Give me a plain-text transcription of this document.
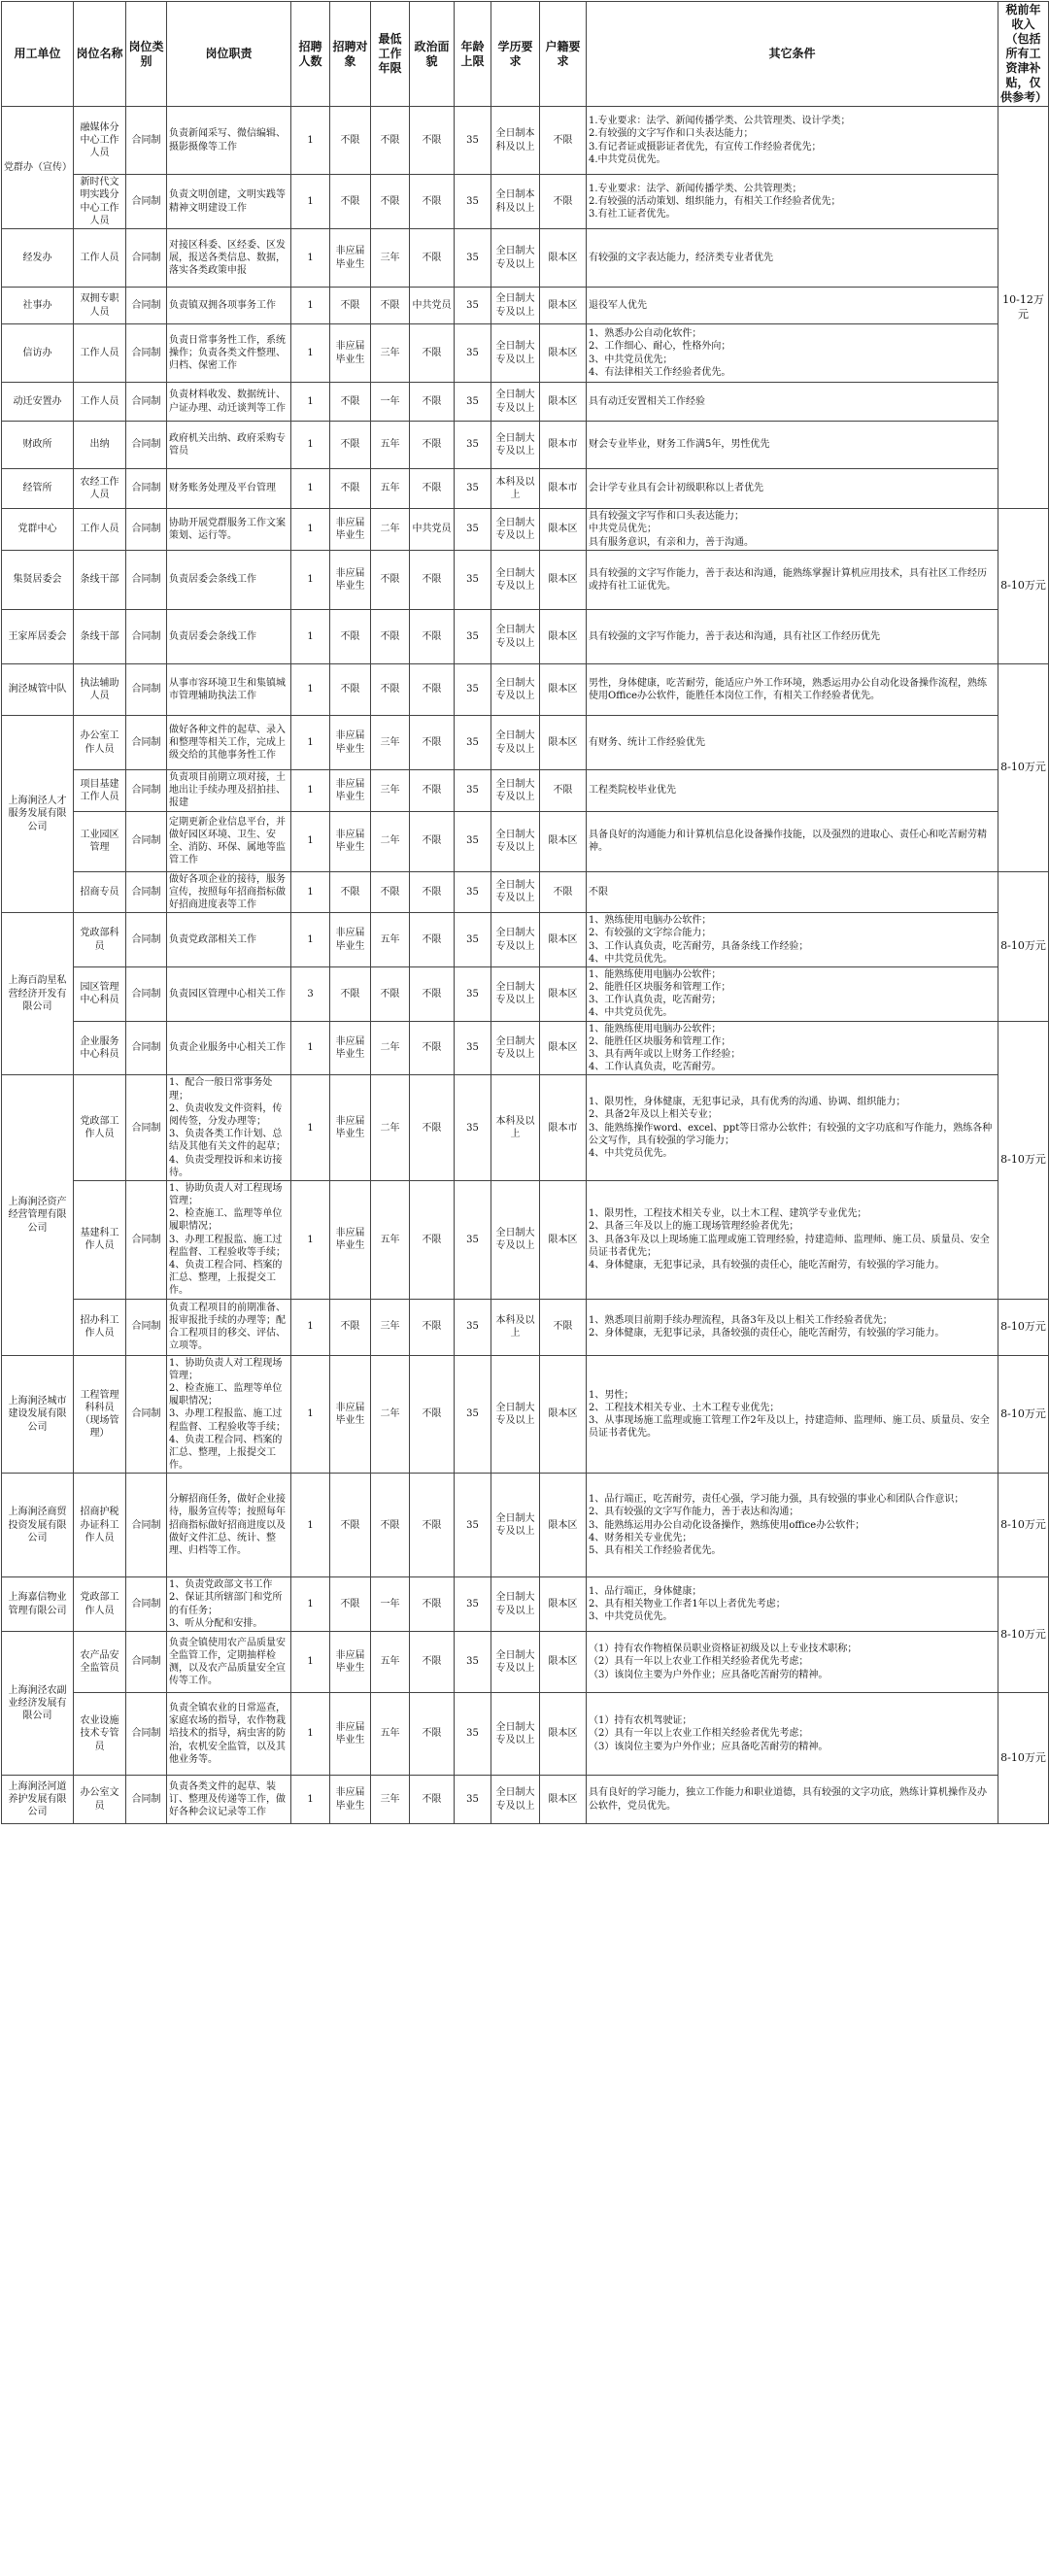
用工单位	岗位名称	岗位类别	岗位职责	招聘人数	招聘对象	最低工作年限	政治面貌	年龄上限	学历要求	户籍要求	其它条件	税前年收入（包括所有工资津补贴，仅供参考）
党群办（宣传）	融媒体分中心工作人员	合同制	负责新闻采写、微信编辑、摄影摄像等工作	1	不限	不限	不限	35	全日制本科及以上	不限	1.专业要求：法学、新闻传播学类、公共管理类、设计学类；
2.有较强的文字写作和口头表达能力；
3.有记者证或摄影证者优先，有宣传工作经验者优先；
4.中共党员优先。	10-12万元
	新时代文明实践分中心工作人员	合同制	负责文明创建，文明实践等精神文明建设工作	1	不限	不限	不限	35	全日制本科及以上	不限	1.专业要求：法学、新闻传播学类、公共管理类；
2.有较强的活动策划、组织能力，有相关工作经验者优先；
3.有社工证者优先。	
经发办	工作人员	合同制	对接区科委、区经委、区发展，报送各类信息、数据，落实各类政策申报	1	非应届毕业生	三年	不限	35	全日制大专及以上	限本区	有较强的文字表达能力，经济类专业者优先	
社事办	双拥专职人员	合同制	负责镇双拥各项事务工作	1	不限	不限	中共党员	35	全日制大专及以上	限本区	退役军人优先	
信访办	工作人员	合同制	负责日常事务性工作，系统操作；负责各类文件整理、归档、保密工作	1	非应届毕业生	三年	不限	35	全日制大专及以上	限本区	1、熟悉办公自动化软件；
2、工作细心、耐心，性格外向；
3、中共党员优先；
4、有法律相关工作经验者优先。	
动迁安置办	工作人员	合同制	负责材料收发、数据统计、户证办理、动迁谈判等工作	1	不限	一年	不限	35	全日制大专及以上	限本区	具有动迁安置相关工作经验	
财政所	出纳	合同制	政府机关出纳、政府采购专管员	1	不限	五年	不限	35	全日制大专及以上	限本市	财会专业毕业，财务工作满5年，男性优先	
经管所	农经工作人员	合同制	财务账务处理及平台管理	1	不限	五年	不限	35	本科及以上	限本市	会计学专业具有会计初级职称以上者优先	
党群中心	工作人员	合同制	协助开展党群服务工作文案策划、运行等。	1	非应届毕业生	二年	中共党员	35	全日制大专及以上	限本区	具有较强文字写作和口头表达能力；
中共党员优先；
具有服务意识，有亲和力，善于沟通。	8-10万元
集贤居委会	条线干部	合同制	负责居委会条线工作	1	非应届毕业生	不限	不限	35	全日制大专及以上	限本区	具有较强的文字写作能力，善于表达和沟通，能熟练掌握计算机应用技术，具有社区工作经历或持有社工证优先。	
王家厍居委会	条线干部	合同制	负责居委会条线工作	1	不限	不限	不限	35	全日制大专及以上	限本区	具有较强的文字写作能力，善于表达和沟通，具有社区工作经历优先	
涧泾城管中队	执法辅助人员	合同制	从事市容环境卫生和集镇城市管理辅助执法工作	1	不限	不限	不限	35	全日制大专及以上	限本区	男性，身体健康，吃苦耐劳，能适应户外工作环境，熟悉运用办公自动化设备操作流程，熟练使用Office办公软件，能胜任本岗位工作，有相关工作经验者优先。	8-10万元
上海涧泾人才服务发展有限公司	办公室工作人员	合同制	做好各种文件的起草、录入和整理等相关工作，完成上级交给的其他事务性工作	1	非应届毕业生	三年	不限	35	全日制大专及以上	限本区	有财务、统计工作经验优先	
	项目基建工作人员	合同制	负责项目前期立项对接，土地出让手续办理及招拍挂、报建	1	非应届毕业生	三年	不限	35	全日制大专及以上	不限	工程类院校毕业优先	
	工业园区管理	合同制	定期更新企业信息平台，并做好园区环境、卫生、安全、消防、环保、属地等监管工作	1	非应届毕业生	二年	不限	35	全日制大专及以上	限本区	具备良好的沟通能力和计算机信息化设备操作技能，以及强烈的进取心、责任心和吃苦耐劳精神。	
	招商专员	合同制	做好各项企业的接待，服务宣传，按照每年招商指标做好招商进度表等工作	1	不限	不限	不限	35	全日制大专及以上	不限	不限	8-10万元
上海百韵星私营经济开发有限公司	党政部科员	合同制	负责党政部相关工作	1	非应届毕业生	五年	不限	35	全日制大专及以上	限本区	1、熟练使用电脑办公软件；
2、有较强的文字综合能力；
3、工作认真负责，吃苦耐劳，具备条线工作经验；
4、中共党员优先。	
	园区管理中心科员	合同制	负责园区管理中心相关工作	3	不限	不限	不限	35	全日制大专及以上	限本区	1、能熟练使用电脑办公软件；
2、能胜任区块服务和管理工作；
3、工作认真负责，吃苦耐劳；
4、中共党员优先。	
	企业服务中心科员	合同制	负责企业服务中心相关工作	1	非应届毕业生	二年	不限	35	全日制大专及以上	限本区	1、能熟练使用电脑办公软件；
2、能胜任区块服务和管理工作；
3、具有两年或以上财务工作经验；
4、工作认真负责，吃苦耐劳。	8-10万元
上海涧泾资产经营管理有限公司	党政部工作人员	合同制	1、配合一般日常事务处理；
2、负责收发文件资料，传阅传签，分发办理等；
3、负责各类工作计划、总结及其他有关文件的起草；
4、负责受理投诉和来访接待。	1	非应届毕业生	二年	不限	35	本科及以上	限本市	1、限男性，身体健康，无犯事记录，具有优秀的沟通、协调、组织能力；
2、具备2年及以上相关专业；
3、能熟练操作word、excel、ppt等日常办公软件；有较强的文字功底和写作能力，熟练各种公文写作，具有较强的学习能力；
4、中共党员优先。	
	基建科工作人员	合同制	1、协助负责人对工程现场管理；
2、检查施工、监理等单位履职情况；
3、办理工程报监、施工过程监督、工程验收等手续；
4、负责工程合同、档案的汇总、整理，上报提交工作。	1	非应届毕业生	五年	不限	35	全日制大专及以上	限本区	1、限男性，工程技术相关专业，以土木工程、建筑学专业优先；
2、具备三年及以上的施工现场管理经验者优先；
3、具备3年及以上现场施工监理或施工管理经验，持建造师、监理师、施工员、质量员、安全员证书者优先；
4、身体健康，无犯事记录，具有较强的责任心，能吃苦耐劳，有较强的学习能力。	
	招办科工作人员	合同制	负责工程项目的前期准备、报审报批手续的办理等；配合工程项目的移交、评估、立项等。	1	不限	三年	不限	35	本科及以上	不限	1、熟悉项目前期手续办理流程，具备3年及以上相关工作经验者优先；
2、身体健康，无犯事记录，具备较强的责任心，能吃苦耐劳，有较强的学习能力。	8-10万元
上海涧泾城市建设发展有限公司	工程管理科科员（现场管理）	合同制	1、协助负责人对工程现场管理；
2、检查施工、监理等单位履职情况；
3、办理工程报监、施工过程监督、工程验收等手续；
4、负责工程合同、档案的汇总、整理，上报提交工作。	1	非应届毕业生	二年	不限	35	全日制大专及以上	限本区	1、男性；
2、工程技术相关专业、土木工程专业优先；
3、从事现场施工监理或施工管理工作2年及以上，持建造师、监理师、施工员、质量员、安全员证书者优先。	8-10万元
上海涧泾商贸投资发展有限公司	招商护税办证科工作人员	合同制	分解招商任务，做好企业接待，服务宣传等；按照每年招商指标做好招商进度以及做好文件汇总、统计、整理、归档等工作。	1	不限	不限	不限	35	全日制大专及以上	限本区	1、品行端正，吃苦耐劳，责任心强，学习能力强，具有较强的事业心和团队合作意识；
2、具有较强的文字写作能力，善于表达和沟通；
3、能熟练运用办公自动化设备操作，熟练使用office办公软件；
4、财务相关专业优先；
5、具有相关工作经验者优先。	8-10万元
上海嘉信物业管理有限公司	党政部工作人员	合同制	1、负责党政部文书工作
2、保证其所辖部门和党所的有任务；
3、听从分配和安排。	1	不限	一年	不限	35	全日制大专及以上	限本区	1、品行端正，身体健康；
2、具有相关物业工作者1年以上者优先考虑；
3、中共党员优先。	8-10万元
上海涧泾农副业经济发展有限公司	农产品安全监管员	合同制	负责全镇使用农产品质量安全监管工作，定期抽样检测，以及农产品质量安全宣传等工作。	1	非应届毕业生	五年	不限	35	全日制大专及以上	限本区	（1）持有农作物植保员职业资格证初级及以上专业技术职称；
（2）具有一年以上农业工作相关经验者优先考虑；
（3）该岗位主要为户外作业；应具备吃苦耐劳的精神。	
	农业设施技术专管员	合同制	负责全镇农业的日常巡查，家庭农场的指导，农作物栽培技术的指导，病虫害的防治，农机安全监管，以及其他业务等。	1	非应届毕业生	五年	不限	35	全日制大专及以上	限本区	（1）持有农机驾驶证；
（2）具有一年以上农业工作相关经验者优先考虑；
（3）该岗位主要为户外作业；应具备吃苦耐劳的精神。	8-10万元
上海涧泾河道养护发展有限公司	办公室文员	合同制	负责各类文件的起草、装订、整理及传递等工作，做好各种会议记录等工作	1	非应届毕业生	三年	不限	35	全日制大专及以上	限本区	具有良好的学习能力，独立工作能力和职业道德，具有较强的文字功底，熟练计算机操作及办公软件，党员优先。	
